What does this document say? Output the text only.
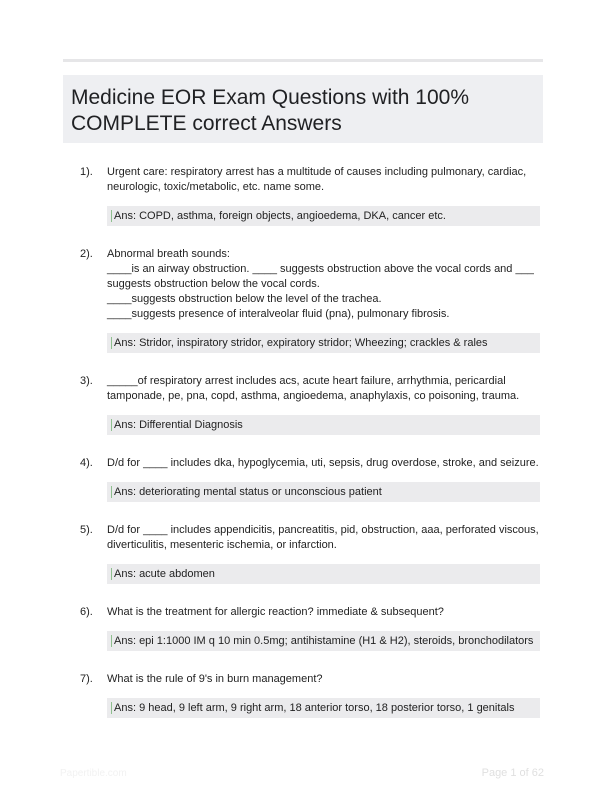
Medicine EOR Exam Questions with 100% COMPLETE correct Answers
1). Urgent care: respiratory arrest has a multitude of causes including pulmonary, cardiac, neurologic, toxic/metabolic, etc. name some.
Ans: COPD, asthma, foreign objects, angioedema, DKA, cancer etc.
2). Abnormal breath sounds:
____is an airway obstruction. ____ suggests obstruction above the vocal cords and ___ suggests obstruction below the vocal cords.
____suggests obstruction below the level of the trachea.
____suggests presence of interalveolar fluid (pna), pulmonary fibrosis.
Ans: Stridor, inspiratory stridor, expiratory stridor; Wheezing; crackles & rales
3). _____of respiratory arrest includes acs, acute heart failure, arrhythmia, pericardial tamponade, pe, pna, copd, asthma, angioedema, anaphylaxis, co poisoning, trauma.
Ans: Differential Diagnosis
4). D/d for ____ includes dka, hypoglycemia, uti, sepsis, drug overdose, stroke, and seizure.
Ans: deteriorating mental status or unconscious patient
5). D/d for ____ includes appendicitis, pancreatitis, pid, obstruction, aaa, perforated viscous, diverticulitis, mesenteric ischemia, or infarction.
Ans: acute abdomen
6). What is the treatment for allergic reaction? immediate & subsequent?
Ans: epi 1:1000 IM q 10 min 0.5mg; antihistamine (H1 & H2), steroids, bronchodilators
7). What is the rule of 9's in burn management?
Ans: 9 head, 9 left arm, 9 right arm, 18 anterior torso, 18 posterior torso, 1 genitals
Papertible.com	Page 1 of 62
